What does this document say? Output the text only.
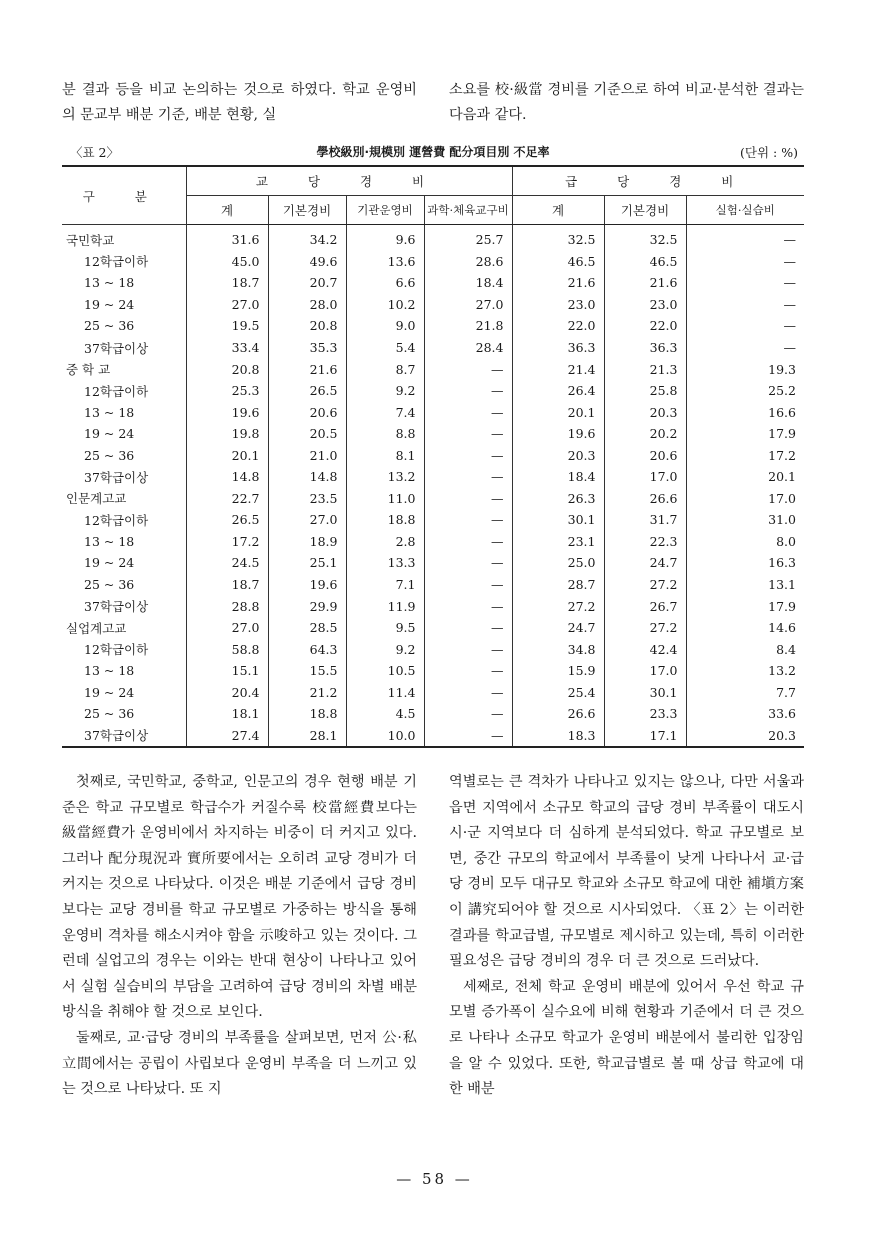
분 결과 등을 비교 논의하는 것으로 하였다. 학교 운영비의 문교부 배분 기준, 배분 현황, 실
소요를 校·級當 경비를 기준으로 하여 비교·분석한 결과는 다음과 같다.
〈표 2〉	學校級別·規模別 運營費 配分項目別 不足率	(단위 : %)
구 분	교 당 경 비				급 당 경 비		
	계	기본경비	기관운영비	과학·체육교구비	계	기본경비	실험·실습비
국민학교	31.6	34.2	9.6	25.7	32.5	32.5	—
12학급이하	45.0	49.6	13.6	28.6	46.5	46.5	—
13 ~ 18	18.7	20.7	6.6	18.4	21.6	21.6	—
19 ~ 24	27.0	28.0	10.2	27.0	23.0	23.0	—
25 ~ 36	19.5	20.8	9.0	21.8	22.0	22.0	—
37학급이상	33.4	35.3	5.4	28.4	36.3	36.3	—
중 학 교	20.8	21.6	8.7	—	21.4	21.3	19.3
12학급이하	25.3	26.5	9.2	—	26.4	25.8	25.2
13 ~ 18	19.6	20.6	7.4	—	20.1	20.3	16.6
19 ~ 24	19.8	20.5	8.8	—	19.6	20.2	17.9
25 ~ 36	20.1	21.0	8.1	—	20.3	20.6	17.2
37학급이상	14.8	14.8	13.2	—	18.4	17.0	20.1
인문계고교	22.7	23.5	11.0	—	26.3	26.6	17.0
12학급이하	26.5	27.0	18.8	—	30.1	31.7	31.0
13 ~ 18	17.2	18.9	2.8	—	23.1	22.3	8.0
19 ~ 24	24.5	25.1	13.3	—	25.0	24.7	16.3
25 ~ 36	18.7	19.6	7.1	—	28.7	27.2	13.1
37학급이상	28.8	29.9	11.9	—	27.2	26.7	17.9
실업계고교	27.0	28.5	9.5	—	24.7	27.2	14.6
12학급이하	58.8	64.3	9.2	—	34.8	42.4	8.4
13 ~ 18	15.1	15.5	10.5	—	15.9	17.0	13.2
19 ~ 24	20.4	21.2	11.4	—	25.4	30.1	7.7
25 ~ 36	18.1	18.8	4.5	—	26.6	23.3	33.6
37학급이상	27.4	28.1	10.0	—	18.3	17.1	20.3

첫째로, 국민학교, 중학교, 인문고의 경우 현행 배분 기준은 학교 규모별로 학급수가 커질수록 校當經費보다는 級當經費가 운영비에서 차지하는 비중이 더 커지고 있다. 그러나 配分現況과 實所要에서는 오히려 교당 경비가 더 커지는 것으로 나타났다. 이것은 배분 기준에서 급당 경비보다는 교당 경비를 학교 규모별로 가중하는 방식을 통해 운영비 격차를 해소시켜야 함을 示唆하고 있는 것이다. 그런데 실업고의 경우는 이와는 반대 현상이 나타나고 있어서 실험 실습비의 부담을 고려하여 급당 경비의 차별 배분 방식을 취해야 할 것으로 보인다.

둘째로, 교·급당 경비의 부족률을 살펴보면, 먼저 公·私立間에서는 공립이 사립보다 운영비 부족을 더 느끼고 있는 것으로 나타났다. 또 지

역별로는 큰 격차가 나타나고 있지는 않으나, 다만 서울과 읍면 지역에서 소규모 학교의 급당 경비 부족률이 대도시 시·군 지역보다 더 심하게 분석되었다. 학교 규모별로 보면, 중간 규모의 학교에서 부족률이 낮게 나타나서 교·급당 경비 모두 대규모 학교와 소규모 학교에 대한 補塡方案이 講究되어야 할 것으로 시사되었다. 〈표 2〉는 이러한 결과를 학교급별, 규모별로 제시하고 있는데, 특히 이러한 필요성은 급당 경비의 경우 더 큰 것으로 드러났다.

세째로, 전체 학교 운영비 배분에 있어서 우선 학교 규모별 증가폭이 실수요에 비해 현황과 기준에서 더 큰 것으로 나타나 소규모 학교가 운영비 배분에서 불리한 입장임을 알 수 있었다. 또한, 학교급별로 볼 때 상급 학교에 대한 배분

— 58 —
